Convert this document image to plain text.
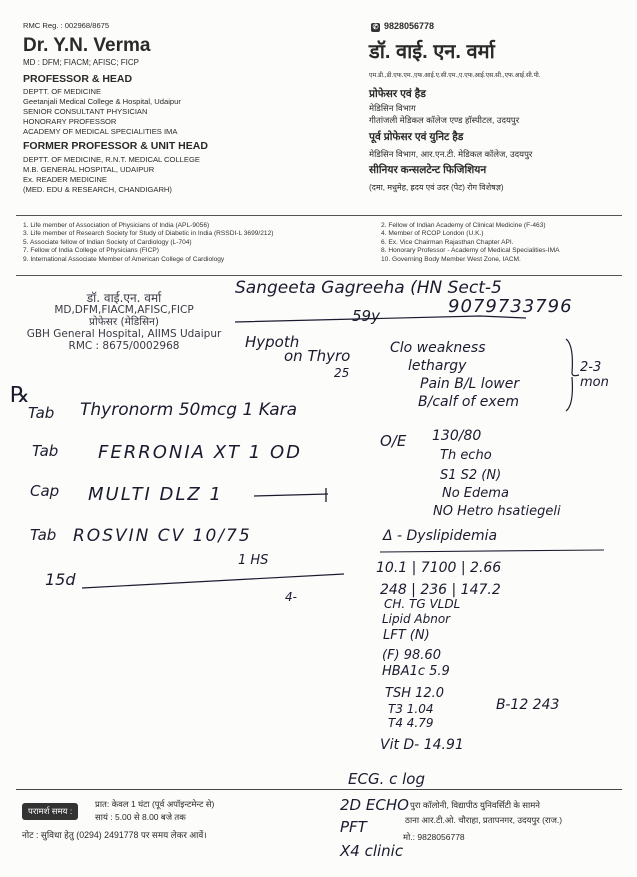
RMC Reg. : 002968/8675
Dr. Y.N. Verma
MD : DFM; FIACM; AFISC; FICP
PROFESSOR & HEAD
DEPTT. OF MEDICINE
Geetanjali Medical College & Hospital, Udaipur
SENIOR CONSULTANT PHYSICIAN
HONORARY PROFESSOR
ACADEMY OF MEDICAL SPECIALITIES IMA
FORMER PROFESSOR & UNIT HEAD
DEPTT. OF MEDICINE, R.N.T. MEDICAL COLLEGE
M.B. GENERAL HOSPITAL, UDAIPUR
Ex. READER MEDICINE
(MED. EDU & RESEARCH, CHANDIGARH)
✆ 9828056778
डॉ. वाई. एन. वर्मा
एम.डी.,डी.एफ.एम.,एफ.आई.ए.सी.एम.,ए.एफ.आई.एस.सी.,एफ.आई.सी.पी.
प्रोफेसर एवं हैड
मेडिसिन विभाग
गीतांजली मेडिकल कॉलेज एण्ड हॉस्पीटल, उदयपुर
पूर्व प्रोफेसर एवं युनिट हैड
मेडिसिन विभाग, आर.एन.टी. मेडिकल कॉलेज, उदयपुर
सीनियर कन्सलटेन्ट फिजिशियन
(दमा, मधुमेह, ह्रदय एवं उदर (पेट) रोग विशेषज्ञ)
1. Life member of Association of Physicians of India (APL-9056)
3. Life member of Research Society for Study of Diabetic in India (RSSDI-L 3699/212)
5. Associate fellow of Indian Society of Cardiology (L-704)
7. Fellow of India College of Physicians (FICP)
9. International Associate Member of American College of Cardiology
2. Fellow of Indian Academy of Clinical Medicine (F-463)
4. Member of RCOP London (U.K.)
6. Ex. Vice Chairman Rajasthan Chapter API.
8. Honorary Professor - Academy of Medical Specialities-IMA
10. Governing Body Member West Zone, IACM.
डॉ. वाई.एन. वर्मा
MD,DFM,FIACM,AFISC,FICP
प्रोफेसर (मेडिसिन)
GBH General Hospital, AIIMS Udaipur
RMC : 8675/0002968
Sangeeta Gagreeha (HN Sect-5
9079733796
59y
Hypoth
on Thyro
25
Clo weakness
lethargy
Pain B/L lower
B/calf of exem
2-3 mon
℞
Tab Thyronorm 50mcg 1 Kara
Tab FERRONIA XT 1 OD
Cap MULTI DLZ 1
Tab ROSVIN CV 10/75
1 HS
15d
4-
O/E 130/80
Th echo
S1 S2 (N)
No Edema
NO Hetro hsatiegeli
Δ - Dyslipidemia
10.1 | 7100 | 2.66
248 | 236 | 147.2
CH. TG VLDL
Lipid Abnor
LFT (N)
(F) 98.60
HBA1c 5.9
TSH 12.0
T3 1.04
T4 4.79
B-12 243
Vit D- 14.91
ECG. c log
2D ECHO
PFT
X4 clinic
परामर्श समय :
प्रात: केवल 1 घंटा (पूर्व अपॉइन्टमेन्ट से)
सायं : 5.00 से 8.00 बजे तक
नोट : सुविधा हेतु (0294) 2491778 पर समय लेकर आवें।
पुरा कॉलोनी, विद्यापीठ युनिवर्सिटी के सामने
ठाना आर.टी.ओ. चौराहा, प्रतापनगर, उदयपुर (राज.)
मो.: 9828056778
